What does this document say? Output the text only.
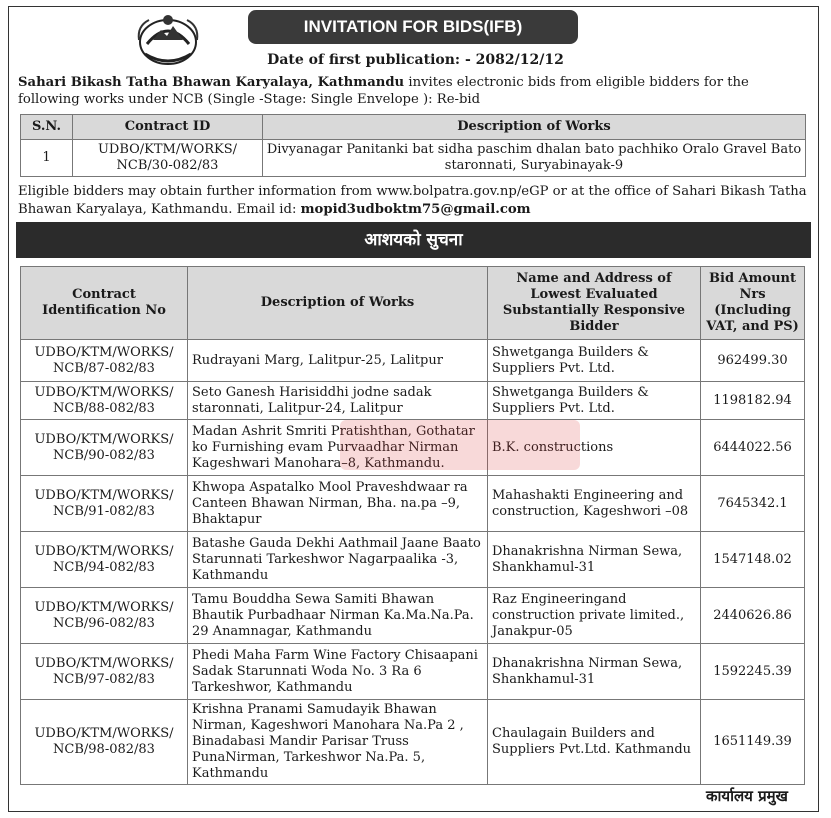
INVITATION FOR BIDS(IFB)
Date of first publication: - 2082/12/12
Sahari Bikash Tatha Bhawan Karyalaya, Kathmandu invites electronic bids from eligible bidders for the following works under NCB (Single -Stage: Single Envelope ): Re-bid
S.N.	Contract ID	Description of Works
1	UDBO/KTM/WORKS/ NCB/30-082/83	Divyanagar Panitanki bat sidha paschim dhalan bato pachhiko Oralo Gravel Bato staronnati, Suryabinayak-9
Eligible bidders may obtain further information from www.bolpatra.gov.np/eGP or at the office of Sahari Bikash Tatha Bhawan Karyalaya, Kathmandu. Email id: mopid3udboktm75@gmail.com
आशयको सुचना
Contract Identification No	Description of Works	Name and Address of Lowest Evaluated Substantially Responsive Bidder	Bid Amount Nrs (Including VAT, and PS)
UDBO/KTM/WORKS/ NCB/87-082/83	Rudrayani Marg, Lalitpur-25, Lalitpur	Shwetganga Builders & Suppliers Pvt. Ltd.	962499.30
UDBO/KTM/WORKS/ NCB/88-082/83	Seto Ganesh Harisiddhi jodne sadak staronnati, Lalitpur-24, Lalitpur	Shwetganga Builders & Suppliers Pvt. Ltd.	1198182.94
UDBO/KTM/WORKS/ NCB/90-082/83	Madan Ashrit Smriti Pratishthan, Gothatar ko Furnishing evam Purvaadhar Nirman Kageshwari Manohara–8, Kathmandu.	B.K. constructions	6444022.56
UDBO/KTM/WORKS/ NCB/91-082/83	Khwopa Aspatalko Mool Praveshdwaar ra Canteen Bhawan Nirman, Bha. na.pa –9, Bhaktapur	Mahashakti Engineering and construction, Kageshwori –08	7645342.1
UDBO/KTM/WORKS/ NCB/94-082/83	Batashe Gauda Dekhi Aathmail Jaane Baato Starunnati Tarkeshwor Nagarpaalika -3, Kathmandu	Dhanakrishna Nirman Sewa, Shankhamul-31	1547148.02
UDBO/KTM/WORKS/ NCB/96-082/83	Tamu Bouddha Sewa Samiti Bhawan Bhautik Purbadhaar Nirman Ka.Ma.Na.Pa. 29 Anamnagar, Kathmandu	Raz Engineeringand construction private limited., Janakpur-05	2440626.86
UDBO/KTM/WORKS/ NCB/97-082/83	Phedi Maha Farm Wine Factory Chisaapani Sadak Starunnati Woda No. 3 Ra 6 Tarkeshwor, Kathmandu	Dhanakrishna Nirman Sewa, Shankhamul-31	1592245.39
UDBO/KTM/WORKS/ NCB/98-082/83	Krishna Pranami Samudayik Bhawan Nirman, Kageshwori Manohara Na.Pa 2 , Binadabasi Mandir Parisar Truss PunaNirman, Tarkeshwor Na.Pa. 5, Kathmandu	Chaulagain Builders and Suppliers Pvt.Ltd. Kathmandu	1651149.39
कार्यालय प्रमुख
